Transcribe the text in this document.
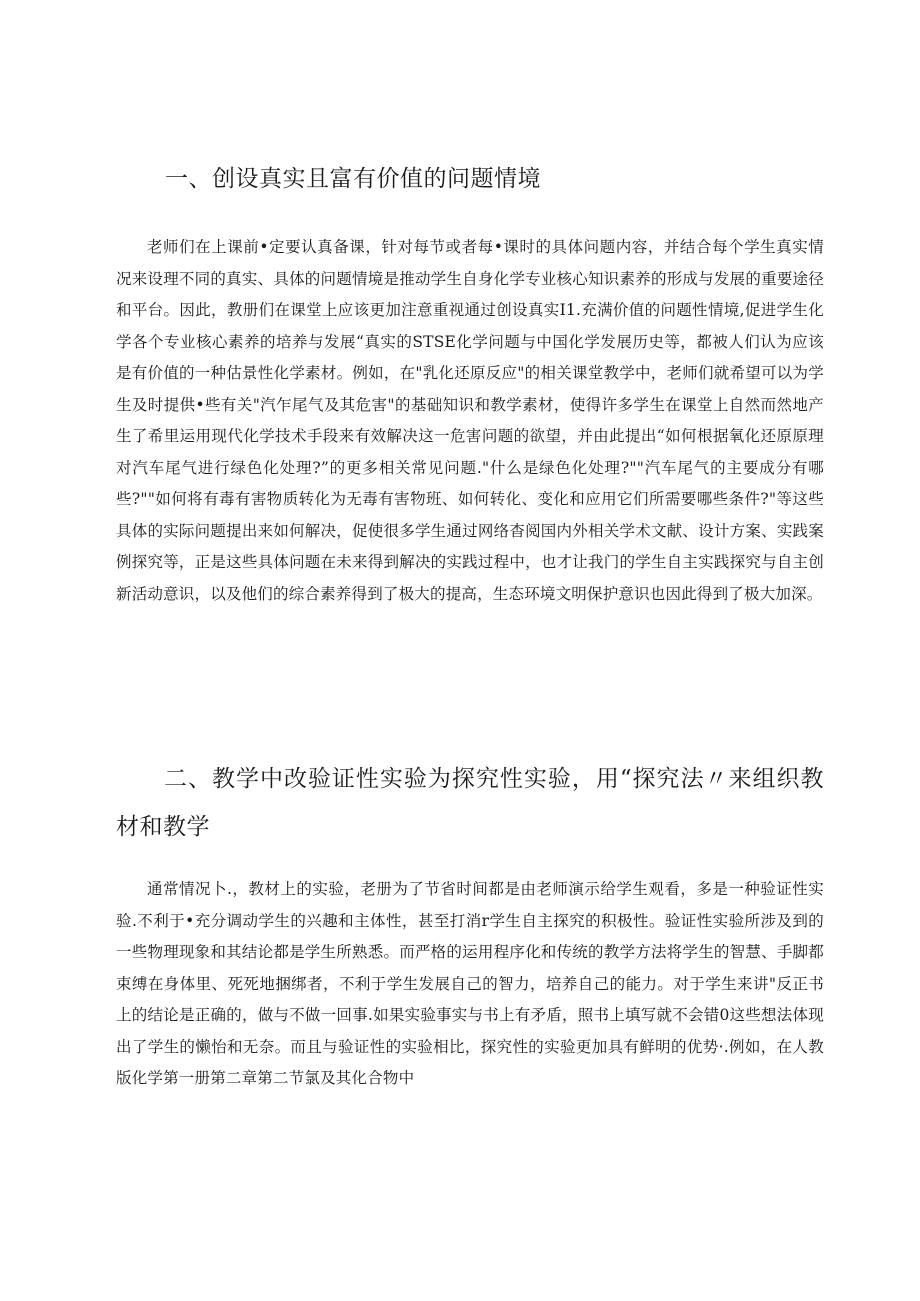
一、创设真实且富有价值的问题情境

老师们在上课前•定要认真备课，针对每节或者每•课时的具体问题内容，并结合每个学生真实情况来设理不同的真实、具体的问题情境是推动学生自身化学专业核心知识素养的形成与发展的重要途径和平台。因此，教册们在课堂上应该更加注意重视通过创设真实I1.充满价值的问题性情境,促进学生化学各个专业核心素养的培养与发展“真实的STSE化学问题与中国化学发展历史等，都被人们认为应该是有价值的一种估景性化学素材。例如，在"乳化还原反应"的相关课堂教学中，老师们就希望可以为学生及时提供•些有关"汽乍尾气及其危害"的基础知识和教学素材，使得许多学生在课堂上自然而然地产生了希里运用现代化学技术手段来有效解决这一危害问题的欲望，并由此提出“如何根据氧化还原原理对汽车尾气进行绿色化处理?”的更多相关常见问题."什么是绿色化处理?""汽车尾气的主要成分有哪些?""如何将有毒有害物质转化为无毒有害物班、如何转化、变化和应用它们所需要哪些条件?"等这些具体的实际问题提出来如何解决，促使很多学生通过网络杳阅国内外相关学术文献、设计方案、实践案例探究等，正是这些具体问题在未来得到解决的实践过程中，也才让我门的学生自主实践探究与自主创新活动意识，以及他们的综合素养得到了极大的提高，生态环境文明保护意识也因此得到了极大加深。

二、教学中改验证性实验为探究性实验，用“探究法〃来组织教材和教学

通常情况卜.，教材上的实验，老册为了节省时间都是由老师演示给学生观看，多是一种验证性实验.不利于•充分调动学生的兴趣和主体性，甚至打消r学生自主探究的积极性。验证性实验所涉及到的一些物理现象和其结论都是学生所熟悉。而严格的运用程序化和传统的教学方法将学生的智慧、手脚都束缚在身体里、死死地捆绑者，不利于学生发展自己的智力，培养自己的能力。对于学生来讲"反正书上的结论是正确的，做与不做一回事.如果实验事实与书上有矛盾，照书上填写就不会错0这些想法体现出了学生的懒怡和无奈。而且与验证性的实验相比，探究性的实验更加具有鲜明的优势·.例如，在人教版化学第一册第二章第二节氯及其化合物中
